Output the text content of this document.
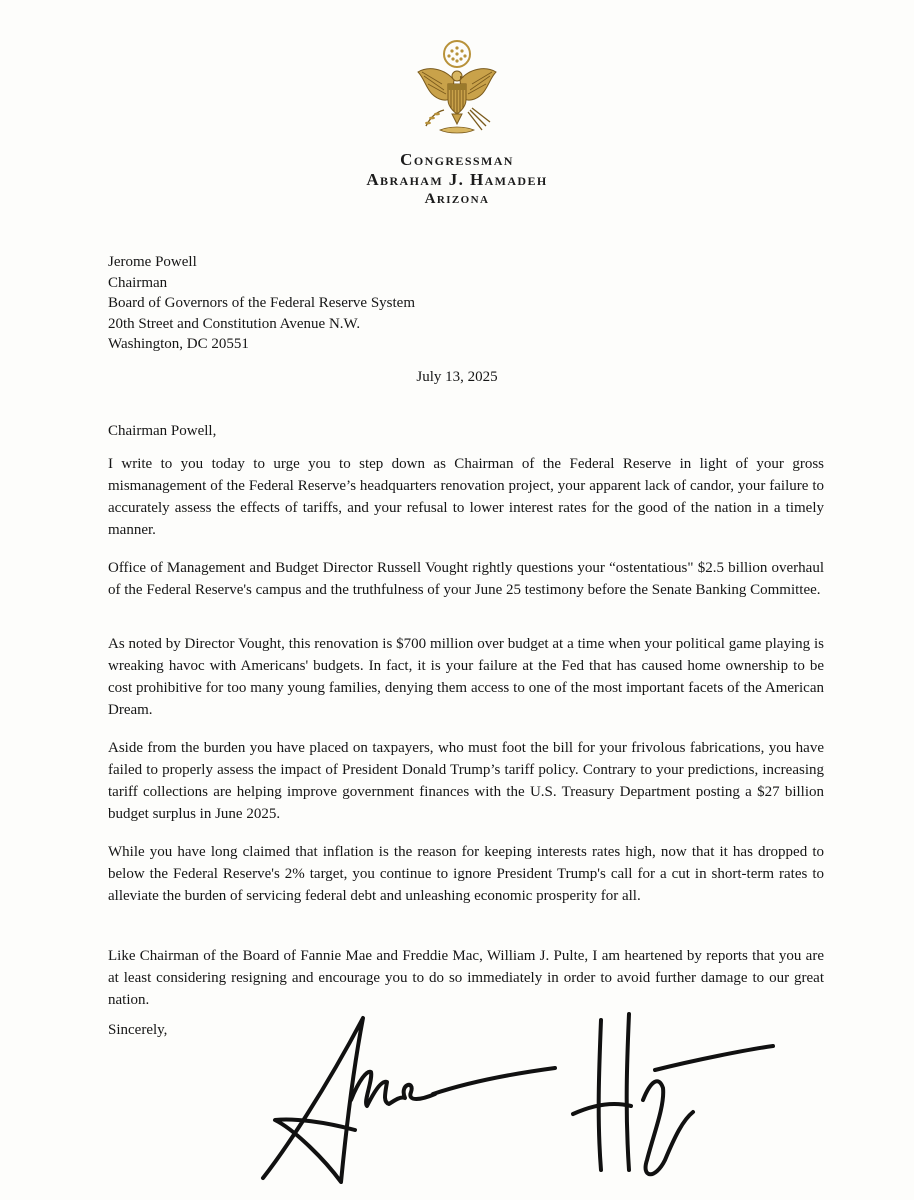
Congressman
Abraham J. Hamadeh
Arizona
Jerome Powell
Chairman
Board of Governors of the Federal Reserve System
20th Street and Constitution Avenue N.W.
Washington, DC 20551
July 13, 2025
Chairman Powell,

I write to you today to urge you to step down as Chairman of the Federal Reserve in light of your gross mismanagement of the Federal Reserve’s headquarters renovation project, your apparent lack of candor, your failure to accurately assess the effects of tariffs, and your refusal to lower interest rates for the good of the nation in a timely manner.

Office of Management and Budget Director Russell Vought rightly questions your “ostentatious" $2.5 billion overhaul of the Federal Reserve's campus and the truthfulness of your June 25 testimony before the Senate Banking Committee.

As noted by Director Vought, this renovation is $700 million over budget at a time when your political game playing is wreaking havoc with Americans' budgets. In fact, it is your failure at the Fed that has caused home ownership to be cost prohibitive for too many young families, denying them access to one of the most important facets of the American Dream.

Aside from the burden you have placed on taxpayers, who must foot the bill for your frivolous fabrications, you have failed to properly assess the impact of President Donald Trump’s tariff policy. Contrary to your predictions, increasing tariff collections are helping improve government finances with the U.S. Treasury Department posting a $27 billion budget surplus in June 2025.

While you have long claimed that inflation is the reason for keeping interests rates high, now that it has dropped to below the Federal Reserve's 2% target, you continue to ignore President Trump's call for a cut in short-term rates to alleviate the burden of servicing federal debt and unleashing economic prosperity for all.

Like Chairman of the Board of Fannie Mae and Freddie Mac, William J. Pulte, I am heartened by reports that you are at least considering resigning and encourage you to do so immediately in order to avoid further damage to our great nation.

Sincerely,
